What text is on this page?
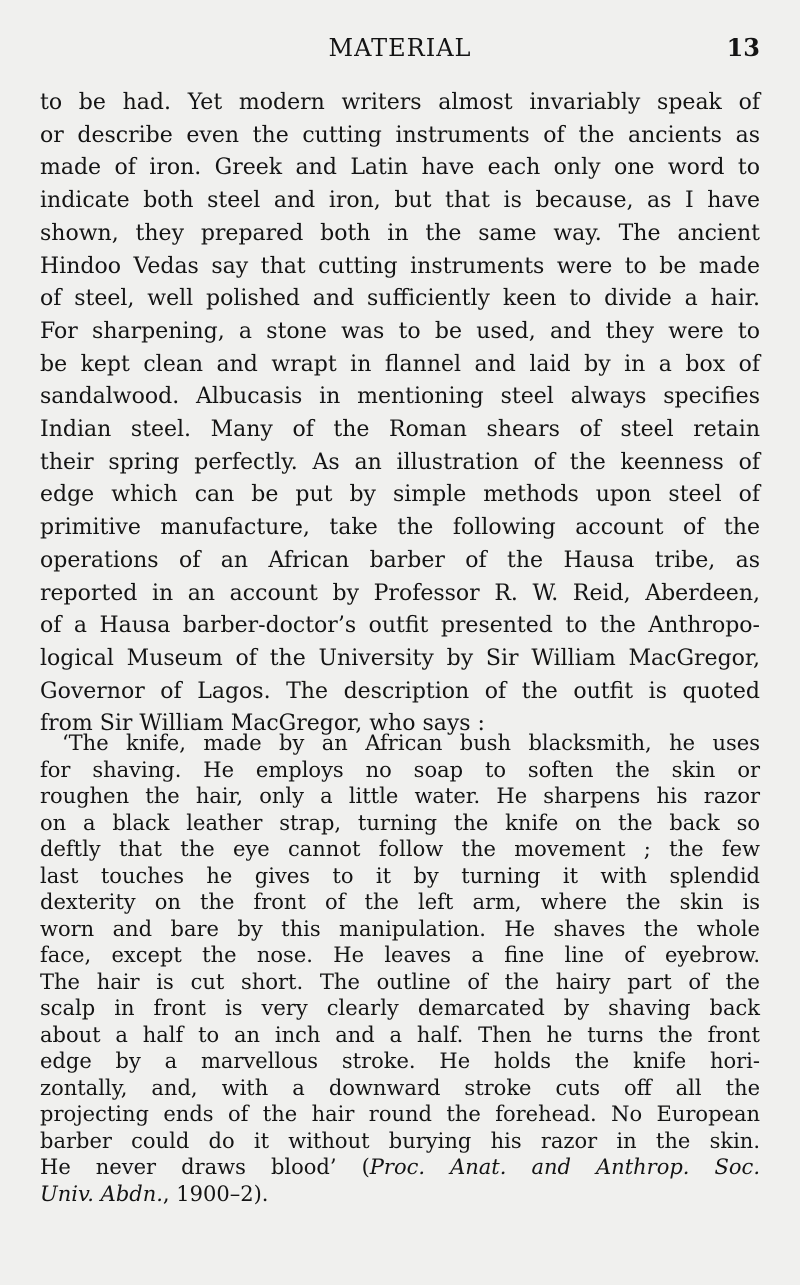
MATERIAL	13
to be had. Yet modern writers almost invariably speak of
or describe even the cutting instruments of the ancients as
made of iron. Greek and Latin have each only one word to
indicate both steel and iron, but that is because, as I have
shown, they prepared both in the same way. The ancient
Hindoo Vedas say that cutting instruments were to be made
of steel, well polished and sufficiently keen to divide a hair.
For sharpening, a stone was to be used, and they were to
be kept clean and wrapt in flannel and laid by in a box of
sandalwood. Albucasis in mentioning steel always specifies
Indian steel. Many of the Roman shears of steel retain
their spring perfectly. As an illustration of the keenness of
edge which can be put by simple methods upon steel of
primitive manufacture, take the following account of the
operations of an African barber of the Hausa tribe, as
reported in an account by Professor R. W. Reid, Aberdeen,
of a Hausa barber-doctor’s outfit presented to the Anthropo-
logical Museum of the University by Sir William MacGregor,
Governor of Lagos. The description of the outfit is quoted
from Sir William MacGregor, who says :
‘The knife, made by an African bush blacksmith, he uses
for shaving. He employs no soap to soften the skin or
roughen the hair, only a little water. He sharpens his razor
on a black leather strap, turning the knife on the back so
deftly that the eye cannot follow the movement ; the few
last touches he gives to it by turning it with splendid
dexterity on the front of the left arm, where the skin is
worn and bare by this manipulation. He shaves the whole
face, except the nose. He leaves a fine line of eyebrow.
The hair is cut short. The outline of the hairy part of the
scalp in front is very clearly demarcated by shaving back
about a half to an inch and a half. Then he turns the front
edge by a marvellous stroke. He holds the knife hori-
zontally, and, with a downward stroke cuts off all the
projecting ends of the hair round the forehead. No European
barber could do it without burying his razor in the skin.
He never draws blood’ (Proc. Anat. and Anthrop. Soc.
Univ. Abdn., 1900–2).
